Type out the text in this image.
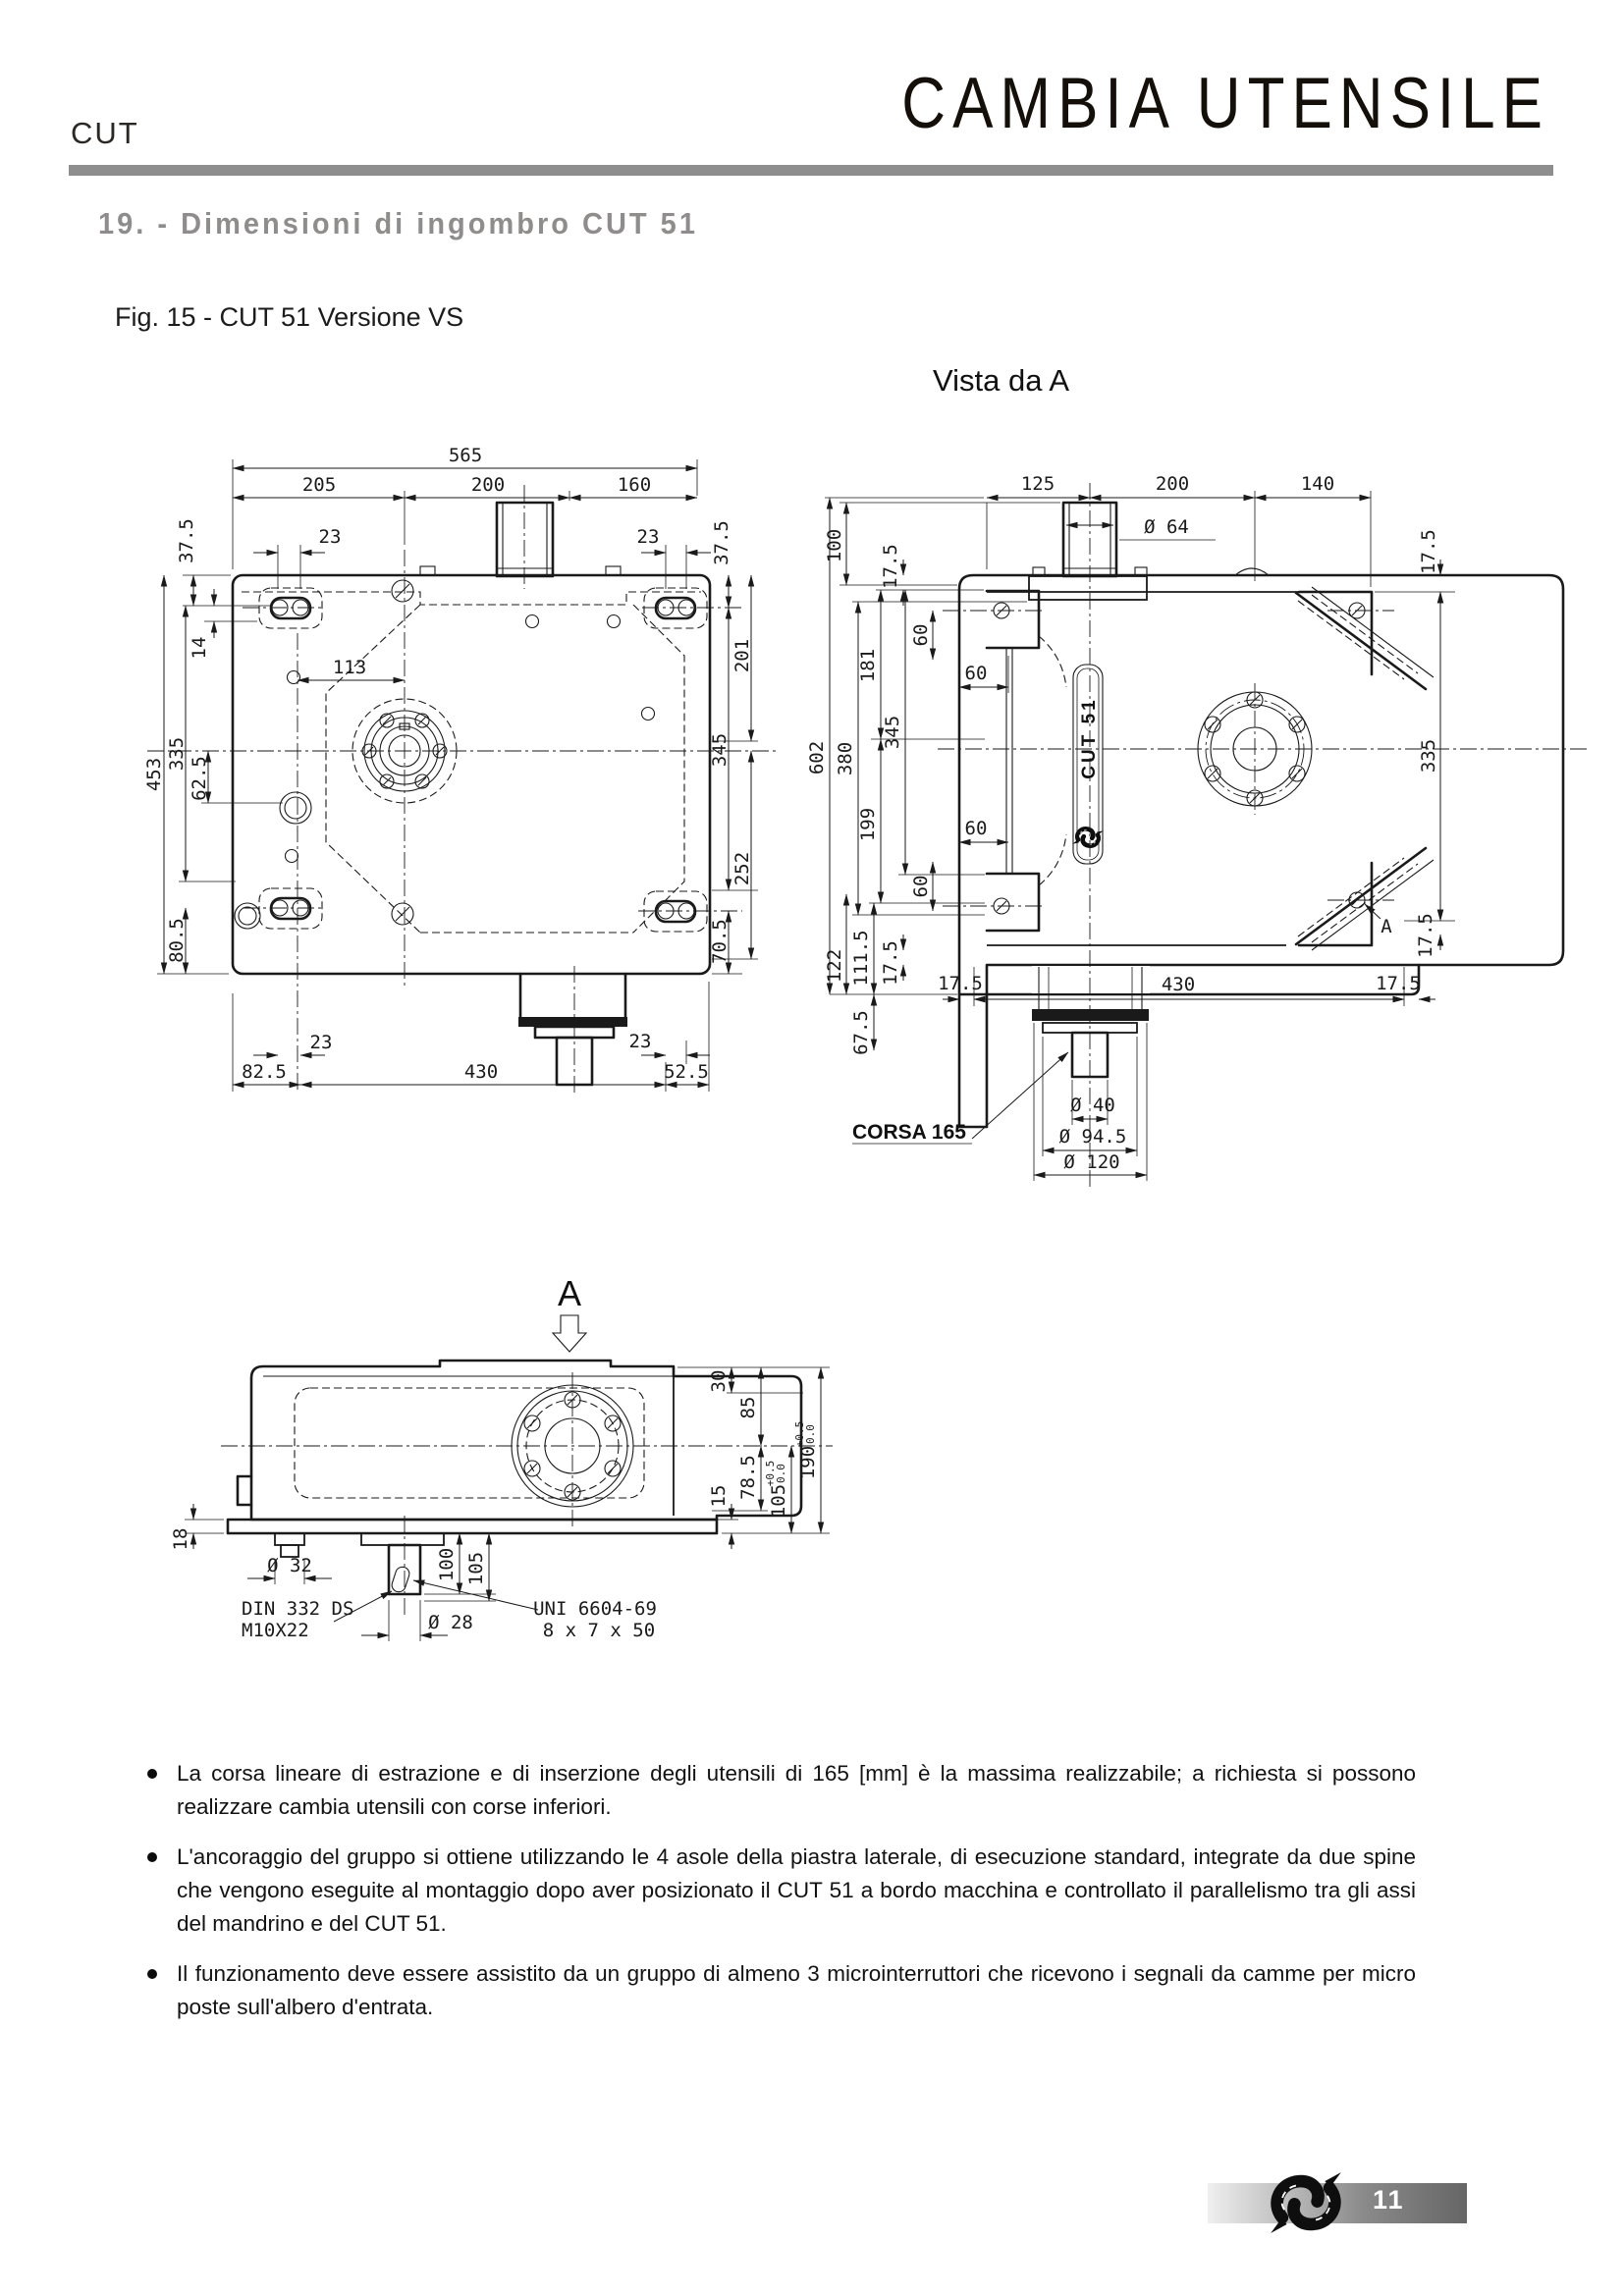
CUT	CAMBIA UTENSILE
19. - Dimensioni di ingombro CUT 51
Fig. 15 - CUT 51 Versione VS
Vista da A
565
205	200	160
23	23
37.5	37.5
14
113
453
335
62.5
80.5
201
345
252
70.5
23
82.5	430
23
52.5
CUT 51
125	200	140
Ø 64
100 17.5
181
345
380
199
602
122 111.5 17.5
67.5
60
60
60
60
17.5
335
17.5
17.5	430	17.5
Ø 40
Ø 94.5
Ø 120
CORSA 165
A
A
18
Ø 32
DIN 332 DS
M10X22
100 105
Ø 28
UNI 6604-69
8 x 7 x 50
30
85
78.5
15 105
+0.5
0.0 190
+0.5
0.0

La corsa lineare di estrazione e di inserzione degli utensili di 165 [mm] è la massima realizzabile; a richiesta si possono realizzare cambia utensili con corse inferiori.

L'ancoraggio del gruppo si ottiene utilizzando le 4 asole della piastra laterale, di esecuzione standard, integrate da due spine che vengono eseguite al montaggio dopo aver posizionato il CUT 51 a bordo macchina e controllato il parallelismo tra gli assi del mandrino e del CUT 51.

Il funzionamento deve essere assistito da un gruppo di almeno 3 microinterruttori che ricevono i segnali da camme per micro poste sull'albero d'entrata.

11
